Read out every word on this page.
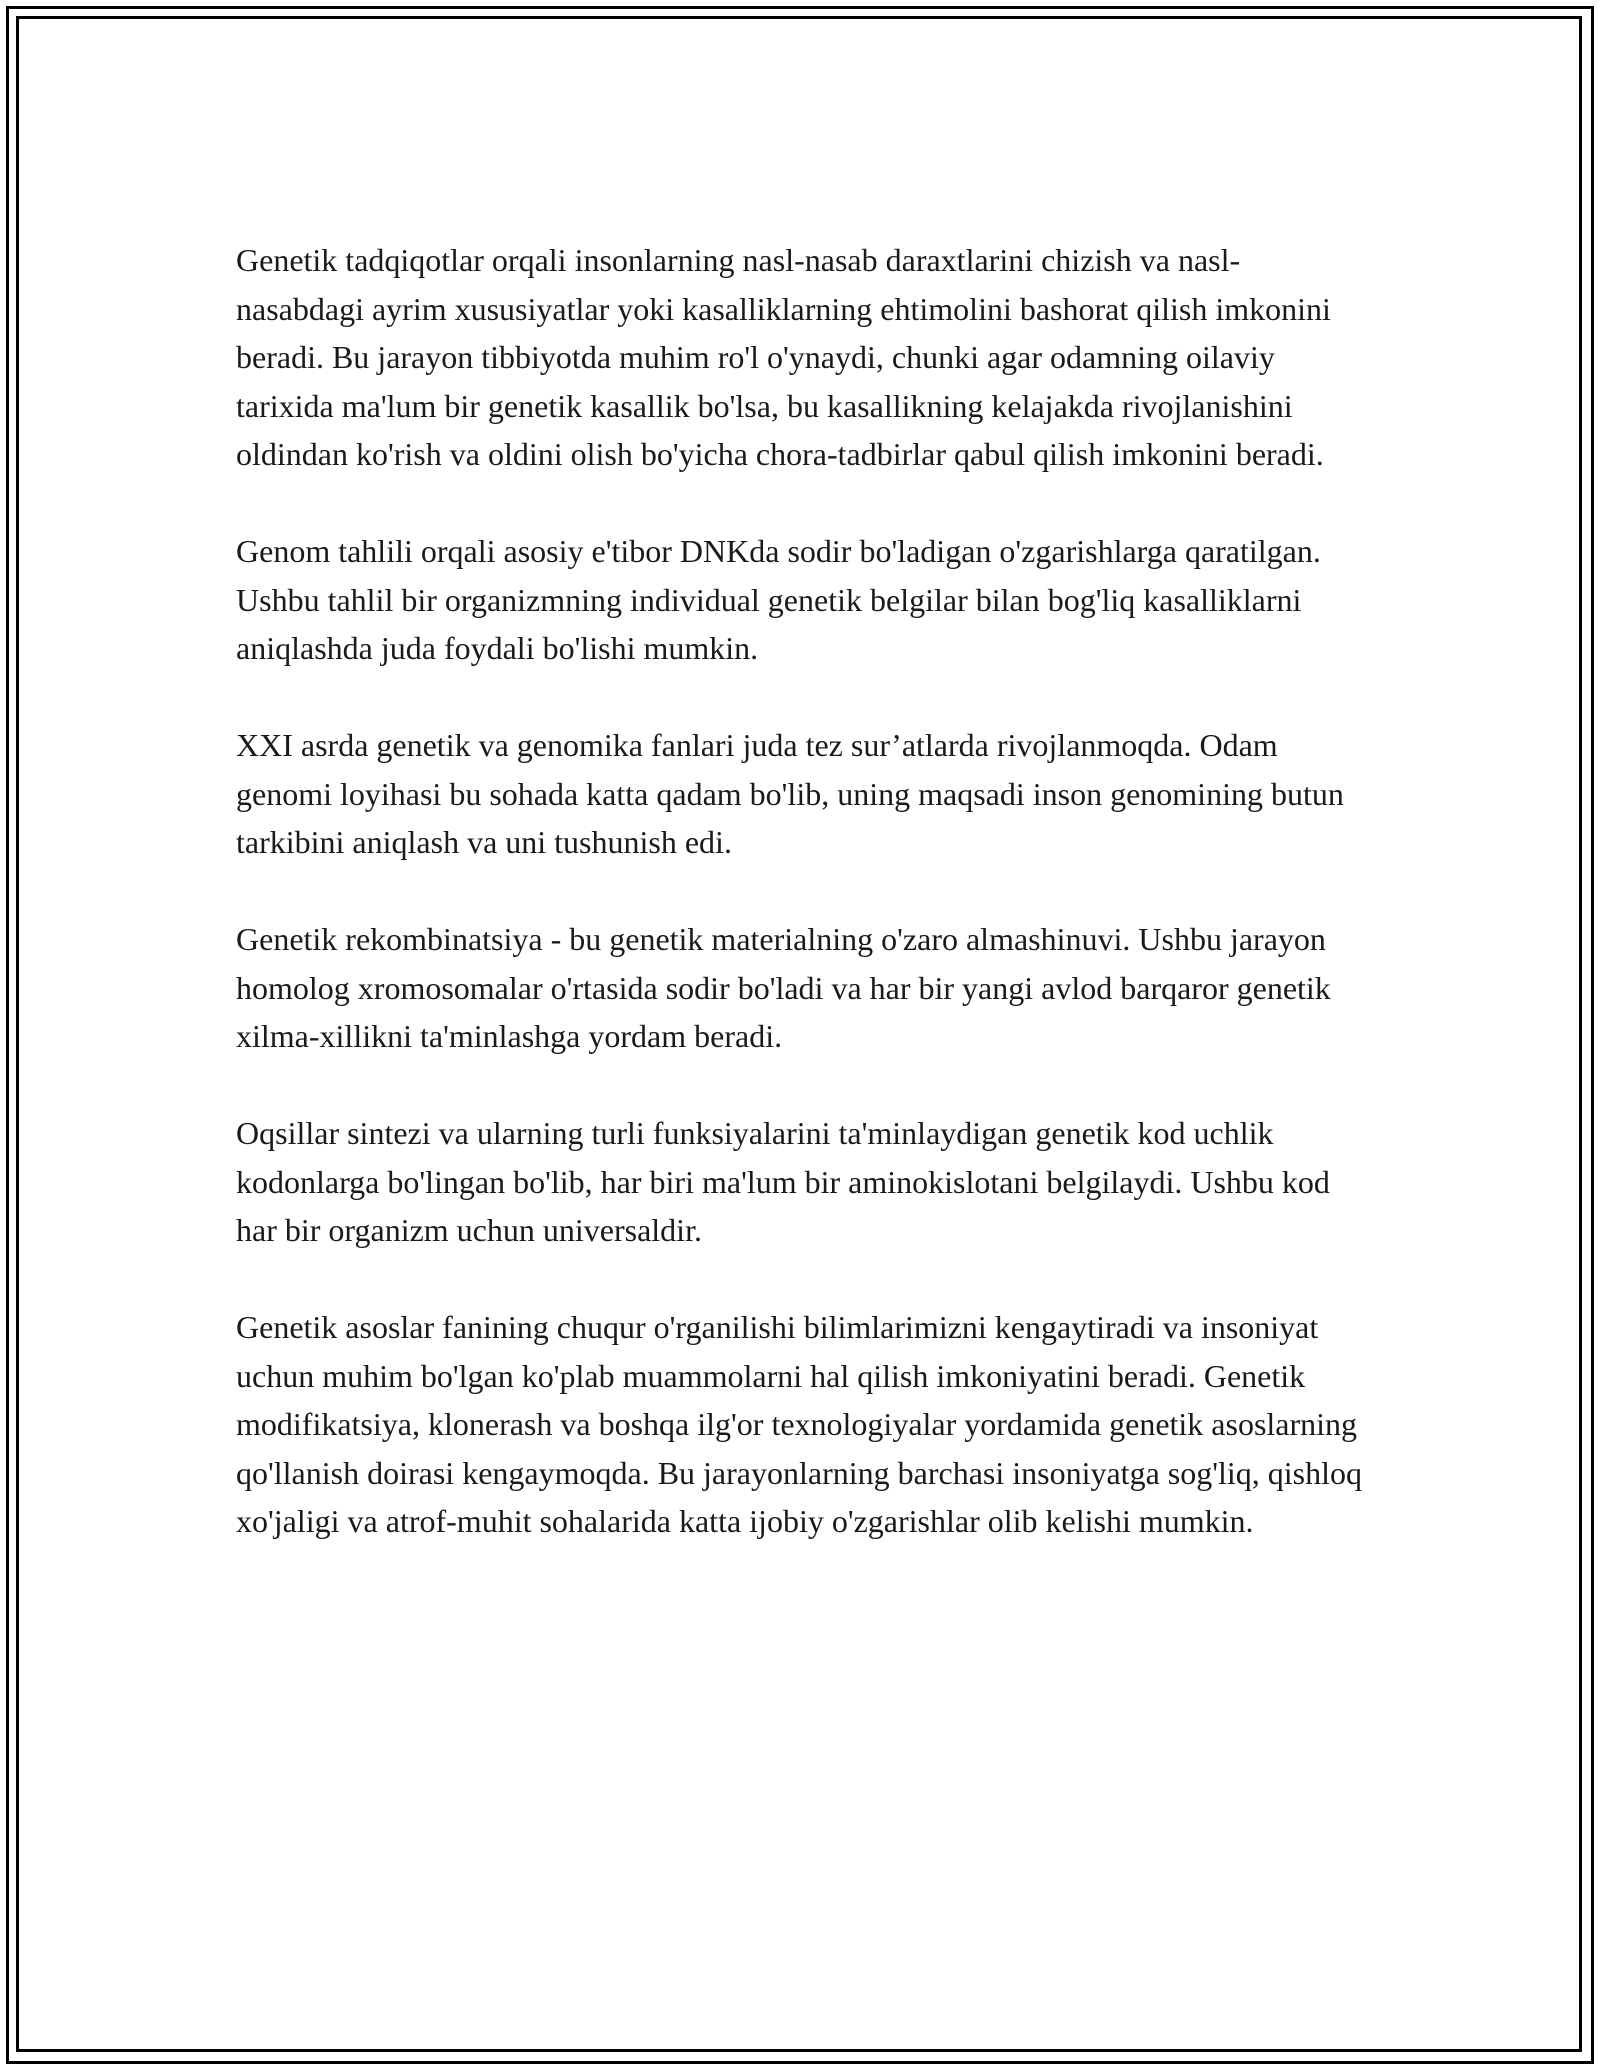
Genetik tadqiqotlar orqali insonlarning nasl-nasab daraxtlarini chizish va nasl-nasabdagi ayrim xususiyatlar yoki kasalliklarning ehtimolini bashorat qilish imkonini beradi. Bu jarayon tibbiyotda muhim ro'l o'ynaydi, chunki agar odamning oilaviy tarixida ma'lum bir genetik kasallik bo'lsa, bu kasallikning kelajakda rivojlanishini oldindan ko'rish va oldini olish bo'yicha chora-tadbirlar qabul qilish imkonini beradi.

Genom tahlili orqali asosiy e'tibor DNKda sodir bo'ladigan o'zgarishlarga qaratilgan. Ushbu tahlil bir organizmning individual genetik belgilar bilan bog'liq kasalliklarni aniqlashda juda foydali bo'lishi mumkin.

XXI asrda genetik va genomika fanlari juda tez sur’atlarda rivojlanmoqda. Odam genomi loyihasi bu sohada katta qadam bo'lib, uning maqsadi inson genomining butun tarkibini aniqlash va uni tushunish edi.

Genetik rekombinatsiya - bu genetik materialning o'zaro almashinuvi. Ushbu jarayon homolog xromosomalar o'rtasida sodir bo'ladi va har bir yangi avlod barqaror genetik xilma-xillikni ta'minlashga yordam beradi.

Oqsillar sintezi va ularning turli funksiyalarini ta'minlaydigan genetik kod uchlik kodonlarga bo'lingan bo'lib, har biri ma'lum bir aminokislotani belgilaydi. Ushbu kod har bir organizm uchun universaldir.

Genetik asoslar fanining chuqur o'rganilishi bilimlarimizni kengaytiradi va insoniyat uchun muhim bo'lgan ko'plab muammolarni hal qilish imkoniyatini beradi. Genetik modifikatsiya, klonerash va boshqa ilg'or texnologiyalar yordamida genetik asoslarning qo'llanish doirasi kengaymoqda. Bu jarayonlarning barchasi insoniyatga sog'liq, qishloq xo'jaligi va atrof-muhit sohalarida katta ijobiy o'zgarishlar olib kelishi mumkin.
